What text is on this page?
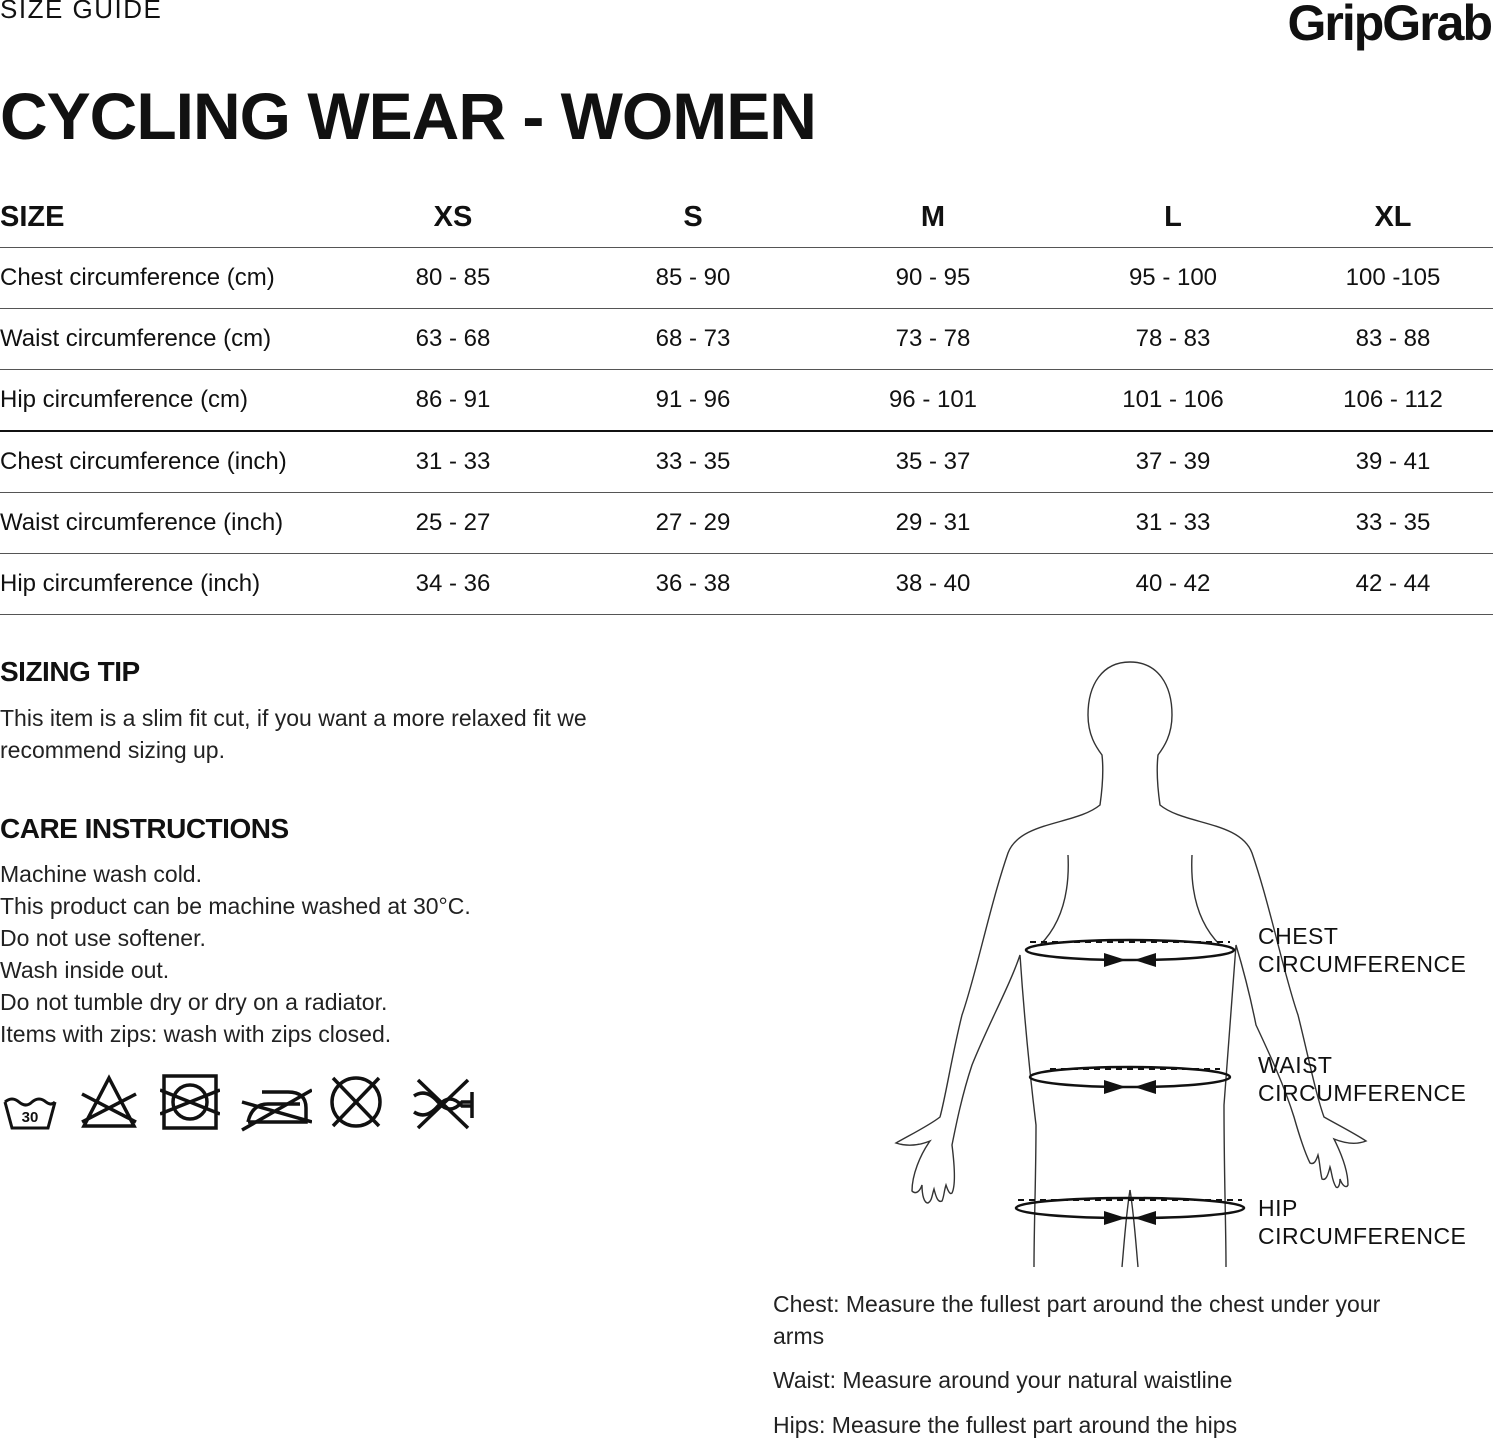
SIZE GUIDE	GripGrab
CYCLING WEAR - WOMEN
SIZE	XS	S	M	L	XL
Chest circumference (cm)	80 - 85	85 - 90	90 - 95	95 - 100	100 -105
Waist circumference (cm)	63 - 68	68 - 73	73 - 78	78 - 83	83 - 88
Hip circumference (cm)	86 - 91	91 - 96	96 - 101	101 - 106	106 - 112
Chest circumference (inch)	31 - 33	33 - 35	35 - 37	37 - 39	39 - 41
Waist circumference (inch)	25 - 27	27 - 29	29 - 31	31 - 33	33 - 35
Hip circumference (inch)	34 - 36	36 - 38	38 - 40	40 - 42	42 - 44
SIZING TIP
This item is a slim fit cut, if you want a more relaxed fit we
recommend sizing up.
CARE INSTRUCTIONS
Machine wash cold.
This product can be machine washed at 30°C.
Do not use softener.
Wash inside out.
Do not tumble dry or dry on a radiator.
Items with zips: wash with zips closed.
30
CHEST
CIRCUMFERENCE
WAIST
CIRCUMFERENCE
HIP
CIRCUMFERENCE
Chest: Measure the fullest part around the chest under your
arms
Waist: Measure around your natural waistline
Hips: Measure the fullest part around the hips
